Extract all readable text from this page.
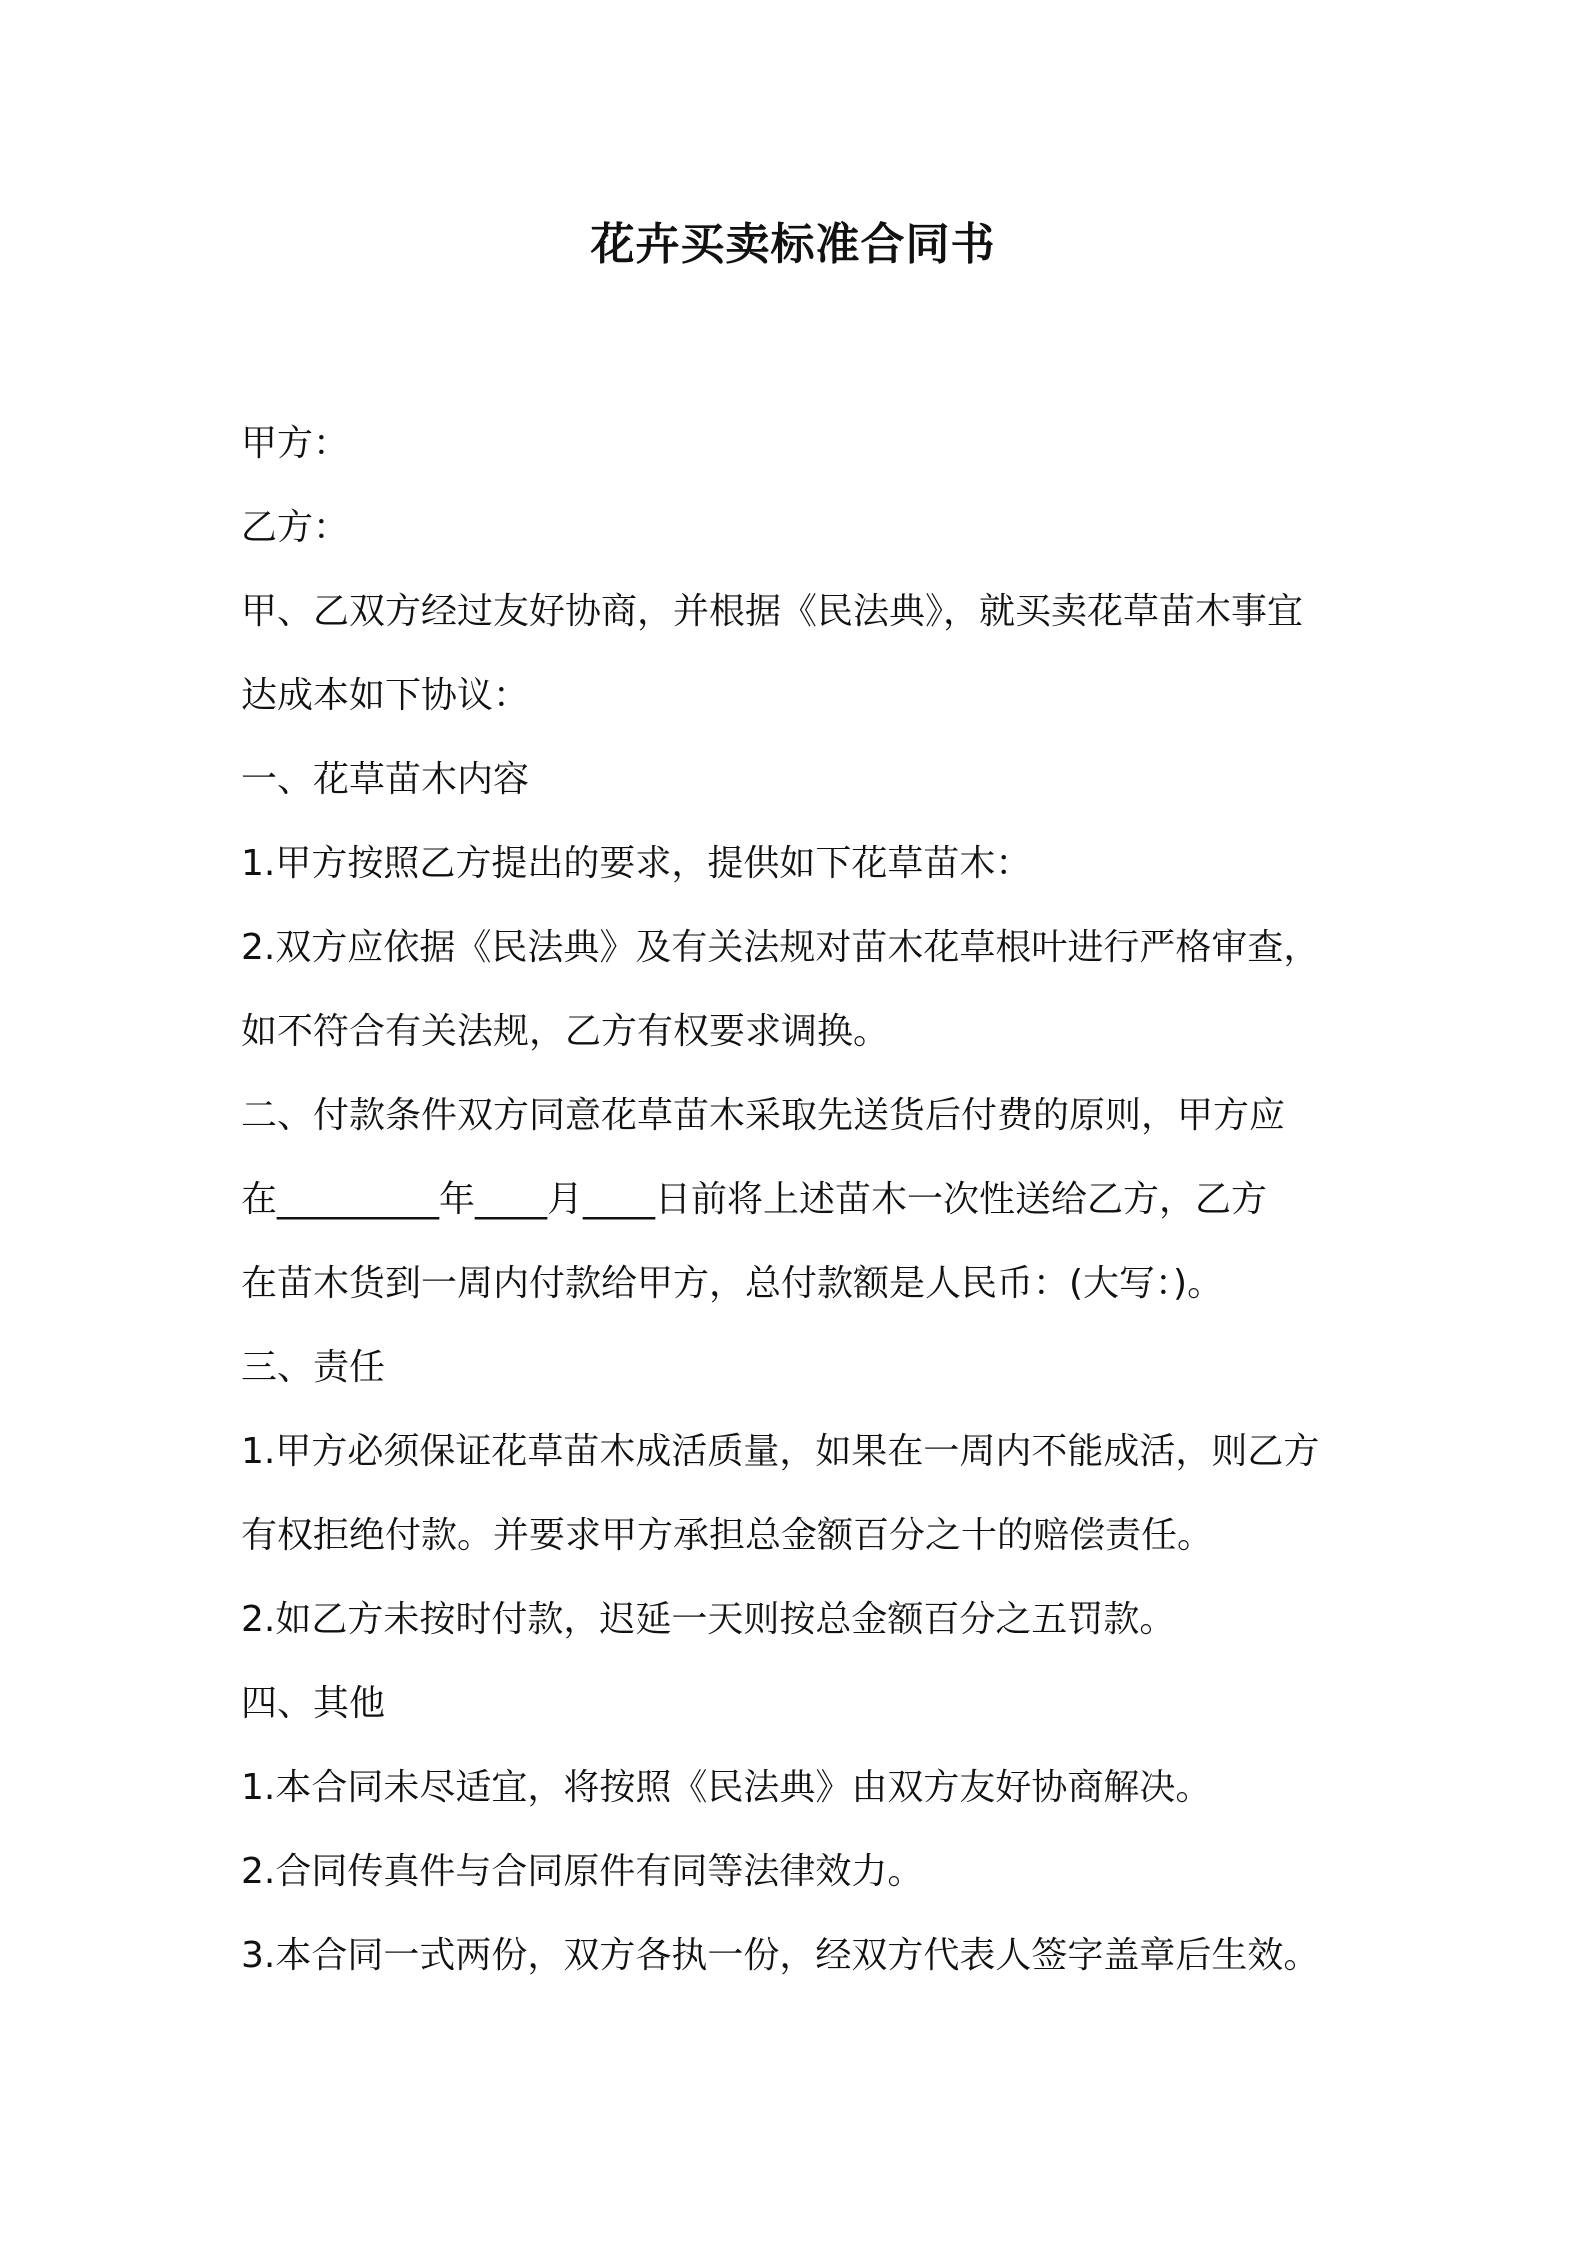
花卉买卖标准合同书
甲方：
乙方：
甲、乙双方经过友好协商，并根据《民法典》，就买卖花草苗木事宜
达成本如下协议：
一、花草苗木内容
1.甲方按照乙方提出的要求，提供如下花草苗木：
2.双方应依据《民法典》及有关法规对苗木花草根叶进行严格审查，
如不符合有关法规，乙方有权要求调换。
二、付款条件双方同意花草苗木采取先送货后付费的原则，甲方应
在_________年____月____日前将上述苗木一次性送给乙方，乙方
在苗木货到一周内付款给甲方，总付款额是人民币：(大写：)。
三、责任
1.甲方必须保证花草苗木成活质量，如果在一周内不能成活，则乙方
有权拒绝付款。并要求甲方承担总金额百分之十的赔偿责任。
2.如乙方未按时付款，迟延一天则按总金额百分之五罚款。
四、其他
1.本合同未尽适宜，将按照《民法典》由双方友好协商解决。
2.合同传真件与合同原件有同等法律效力。
3.本合同一式两份，双方各执一份，经双方代表人签字盖章后生效。
